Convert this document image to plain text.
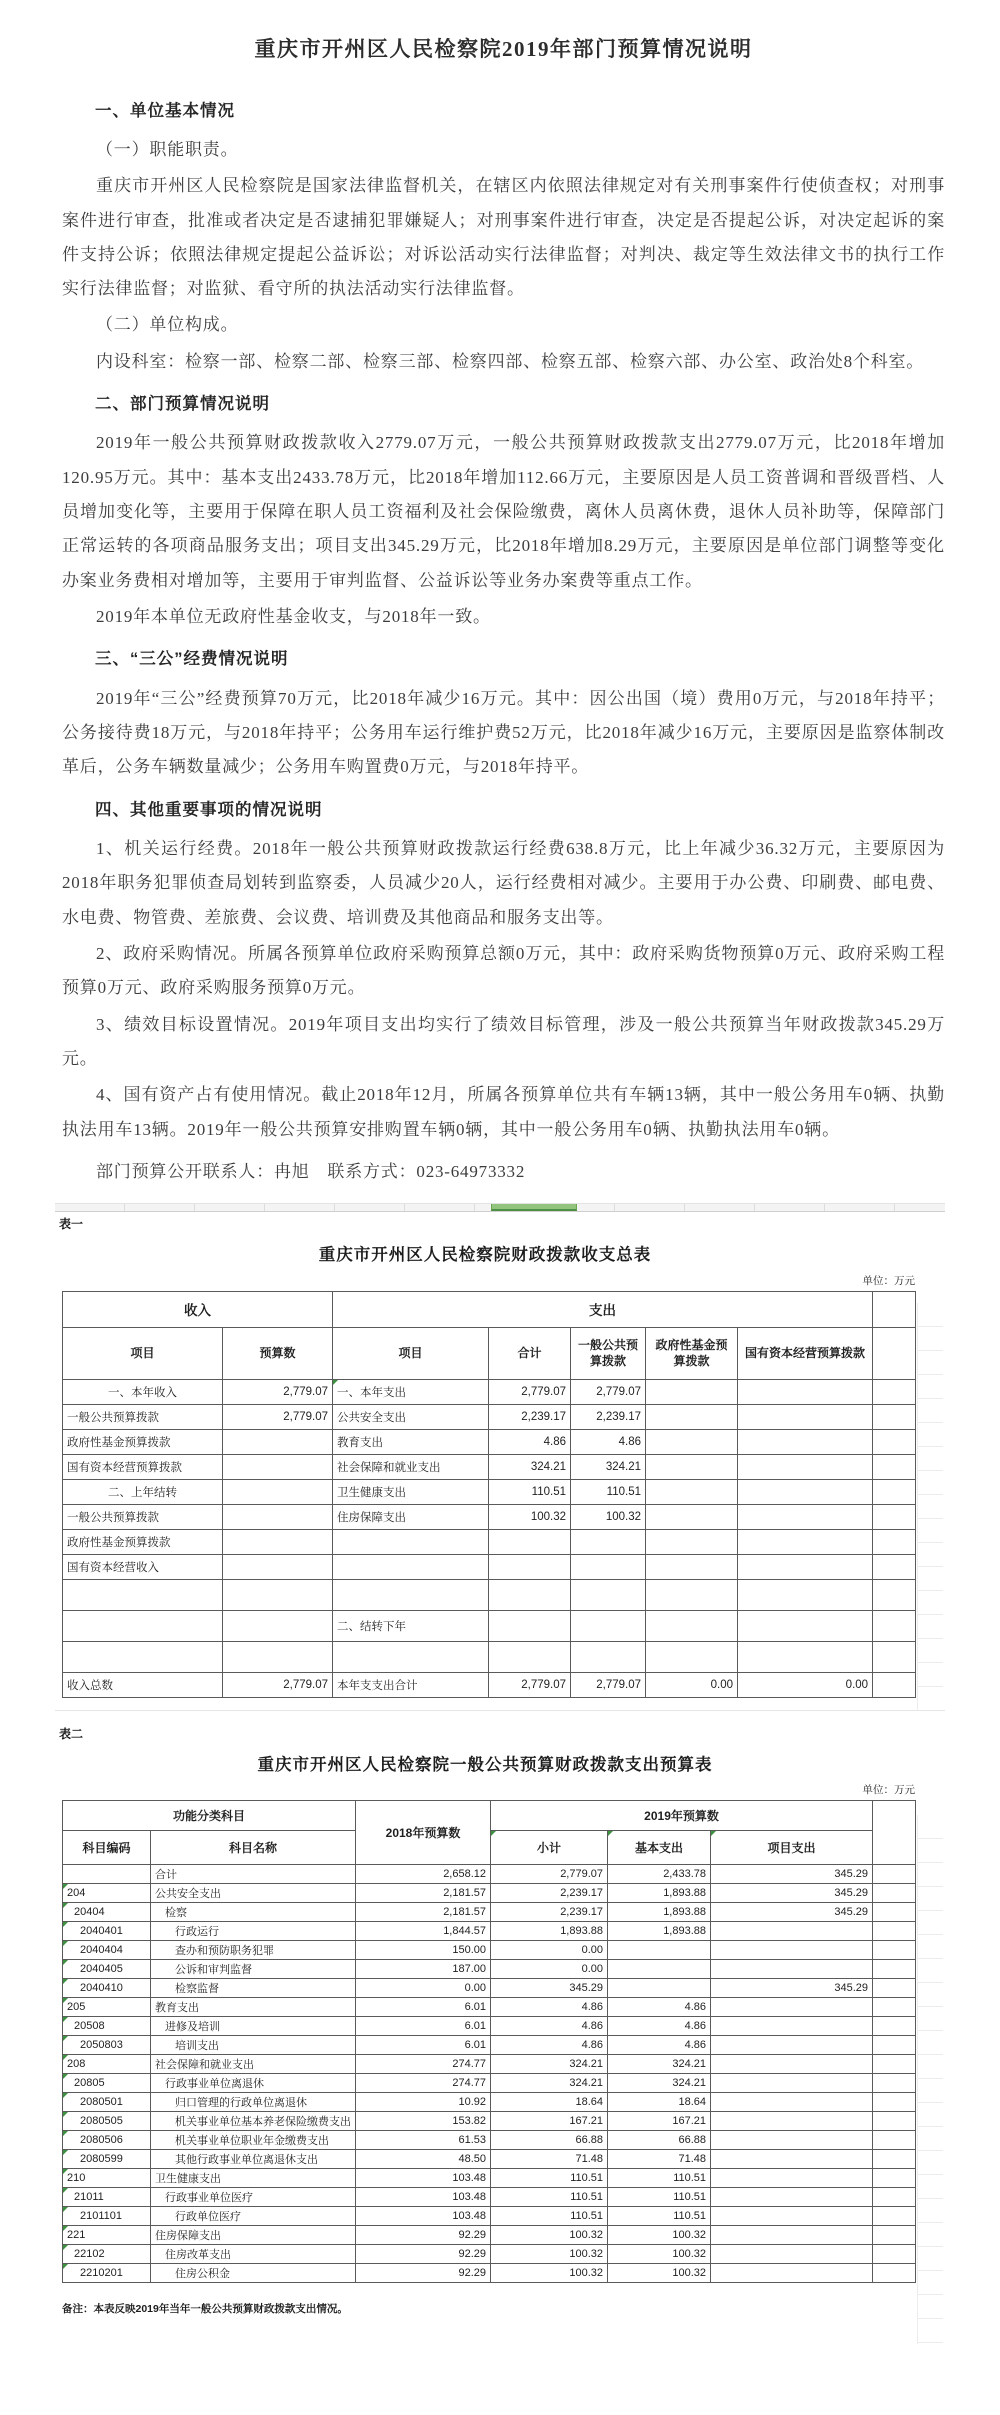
重庆市开州区人民检察院2019年部门预算情况说明
一、单位基本情况
（一）职能职责。
重庆市开州区人民检察院是国家法律监督机关，在辖区内依照法律规定对有关刑事案件行使侦查权；对刑事案件进行审查，批准或者决定是否逮捕犯罪嫌疑人；对刑事案件进行审查，决定是否提起公诉，对决定起诉的案件支持公诉；依照法律规定提起公益诉讼；对诉讼活动实行法律监督；对判决、裁定等生效法律文书的执行工作实行法律监督；对监狱、看守所的执法活动实行法律监督。
（二）单位构成。
内设科室：检察一部、检察二部、检察三部、检察四部、检察五部、检察六部、办公室、政治处8个科室。
二、部门预算情况说明
2019年一般公共预算财政拨款收入2779.07万元，一般公共预算财政拨款支出2779.07万元，比2018年增加120.95万元。其中：基本支出2433.78万元，比2018年增加112.66万元，主要原因是人员工资普调和晋级晋档、人员增加变化等，主要用于保障在职人员工资福利及社会保险缴费，离休人员离休费，退休人员补助等，保障部门正常运转的各项商品服务支出；项目支出345.29万元，比2018年增加8.29万元，主要原因是单位部门调整等变化办案业务费相对增加等，主要用于审判监督、公益诉讼等业务办案费等重点工作。
2019年本单位无政府性基金收支，与2018年一致。
三、“三公”经费情况说明
2019年“三公”经费预算70万元，比2018年减少16万元。其中：因公出国（境）费用0万元，与2018年持平；公务接待费18万元，与2018年持平；公务用车运行维护费52万元，比2018年减少16万元，主要原因是监察体制改革后，公务车辆数量减少；公务用车购置费0万元，与2018年持平。
四、其他重要事项的情况说明
1、机关运行经费。2018年一般公共预算财政拨款运行经费638.8万元，比上年减少36.32万元，主要原因为2018年职务犯罪侦查局划转到监察委，人员减少20人，运行经费相对减少。主要用于办公费、印刷费、邮电费、水电费、物管费、差旅费、会议费、培训费及其他商品和服务支出等。
2、政府采购情况。所属各预算单位政府采购预算总额0万元，其中：政府采购货物预算0万元、政府采购工程预算0万元、政府采购服务预算0万元。
3、绩效目标设置情况。2019年项目支出均实行了绩效目标管理，涉及一般公共预算当年财政拨款345.29万元。
4、国有资产占有使用情况。截止2018年12月，所属各预算单位共有车辆13辆，其中一般公务用车0辆、执勤执法用车13辆。2019年一般公共预算安排购置车辆0辆，其中一般公务用车0辆、执勤执法用车0辆。
部门预算公开联系人：冉旭　联系方式：023-64973332
表一
重庆市开州区人民检察院财政拨款收支总表
单位：万元
收入		支出					
项目	预算数	项目	合计	一般公共预算拨款	政府性基金预算拨款	国有资本经营预算拨款	
一、本年收入	2,779.07	一、本年支出	2,779.07	2,779.07			
一般公共预算拨款	2,779.07	公共安全支出	2,239.17	2,239.17			
政府性基金预算拨款		教育支出	4.86	4.86			
国有资本经营预算拨款		社会保障和就业支出	324.21	324.21			
二、上年结转		卫生健康支出	110.51	110.51			
一般公共预算拨款		住房保障支出	100.32	100.32			
政府性基金预算拨款							
国有资本经营收入							

		二、结转下年					

收入总数	2,779.07	本年支支出合计	2,779.07	2,779.07	0.00	0.00	
表二
重庆市开州区人民检察院一般公共预算财政拨款支出预算表
单位：万元
功能分类科目		2018年预算数	2019年预算数			
科目编码	科目名称		小计	基本支出	项目支出	
	合计	2,658.12	2,779.07	2,433.78	345.29	
204	公共安全支出	2,181.57	2,239.17	1,893.88	345.29	
20404	检察	2,181.57	2,239.17	1,893.88	345.29	
2040401	行政运行	1,844.57	1,893.88	1,893.88		
2040404	查办和预防职务犯罪	150.00	0.00			
2040405	公诉和审判监督	187.00	0.00			
2040410	检察监督	0.00	345.29		345.29	
205	教育支出	6.01	4.86	4.86		
20508	进修及培训	6.01	4.86	4.86		
2050803	培训支出	6.01	4.86	4.86		
208	社会保障和就业支出	274.77	324.21	324.21		
20805	行政事业单位离退休	274.77	324.21	324.21		
2080501	归口管理的行政单位离退休	10.92	18.64	18.64		
2080505	机关事业单位基本养老保险缴费支出	153.82	167.21	167.21		
2080506	机关事业单位职业年金缴费支出	61.53	66.88	66.88		
2080599	其他行政事业单位离退休支出	48.50	71.48	71.48		
210	卫生健康支出	103.48	110.51	110.51		
21011	行政事业单位医疗	103.48	110.51	110.51		
2101101	行政单位医疗	103.48	110.51	110.51		
221	住房保障支出	92.29	100.32	100.32		
22102	住房改革支出	92.29	100.32	100.32		
2210201	住房公积金	92.29	100.32	100.32		
备注：本表反映2019年当年一般公共预算财政拨款支出情况。
